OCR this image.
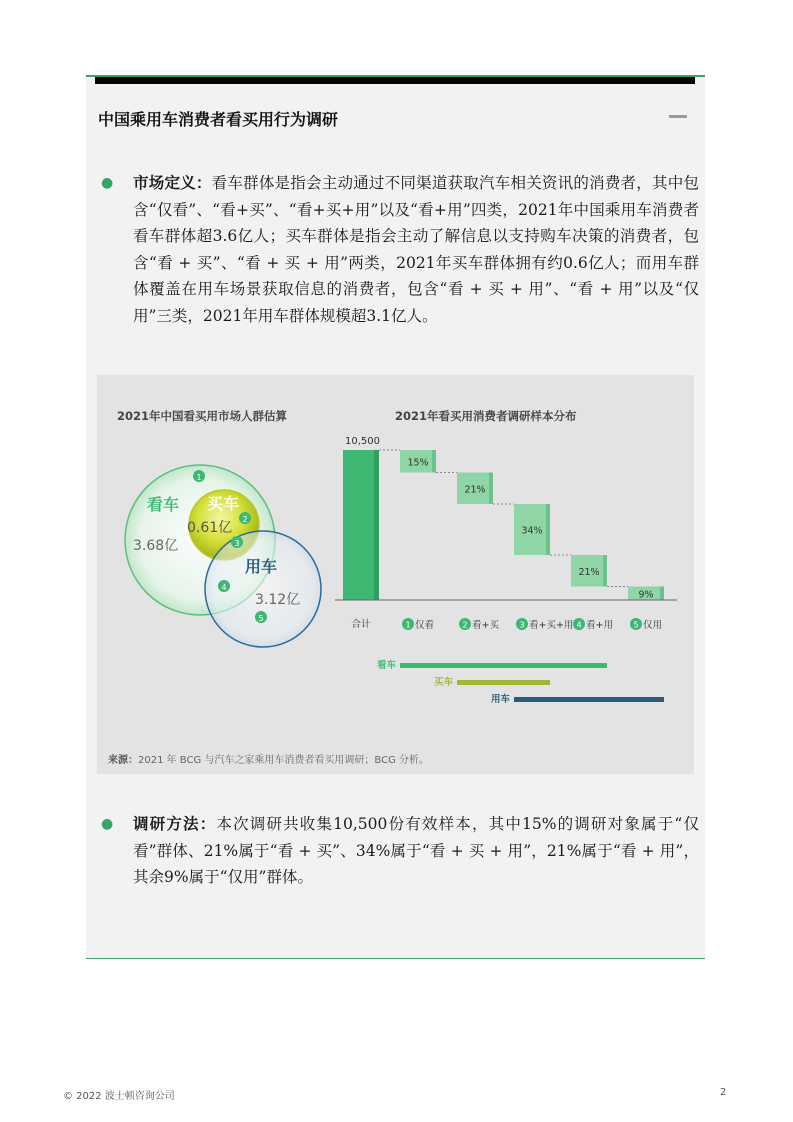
中国乘用车消费者看买用行为调研
● 市场定义：看车群体是指会主动通过不同渠道获取汽车相关资讯的消费者，其中包含“仅看”、“看+买”、“看+买+用”以及“看+用”四类，2021年中国乘用车消费者看车群体超3.6亿人；买车群体是指会主动了解信息以支持购车决策的消费者，包含“看 + 买”、“看 + 买 + 用”两类，2021年买车群体拥有约0.6亿人；而用车群体覆盖在用车场景获取信息的消费者，包含“看 + 买 + 用”、“看 + 用”以及“仅用”三类，2021年用车群体规模超3.1亿人。
2021年中国看买用市场人群估算	2021年看买用消费者调研样本分布
看车
3.68亿
买车
0.61亿
用车
3.12亿
1
2
3
4
5
10,500
15%
21%
34%
21%
9%
合计	1 仅看	2 看+买	3 看+买+用 4 看+用	5 仅用
看车
买车
用车
来源：2021 年 BCG 与汽车之家乘用车消费者看买用调研；BCG 分析。
● 调研方法：本次调研共收集10,500份有效样本，其中15%的调研对象属于“仅看”群体、21%属于“看 + 买”、34%属于“看 + 买 + 用”，21%属于“看 + 用”，其余9%属于“仅用”群体。
© 2022 波士顿咨询公司	2
